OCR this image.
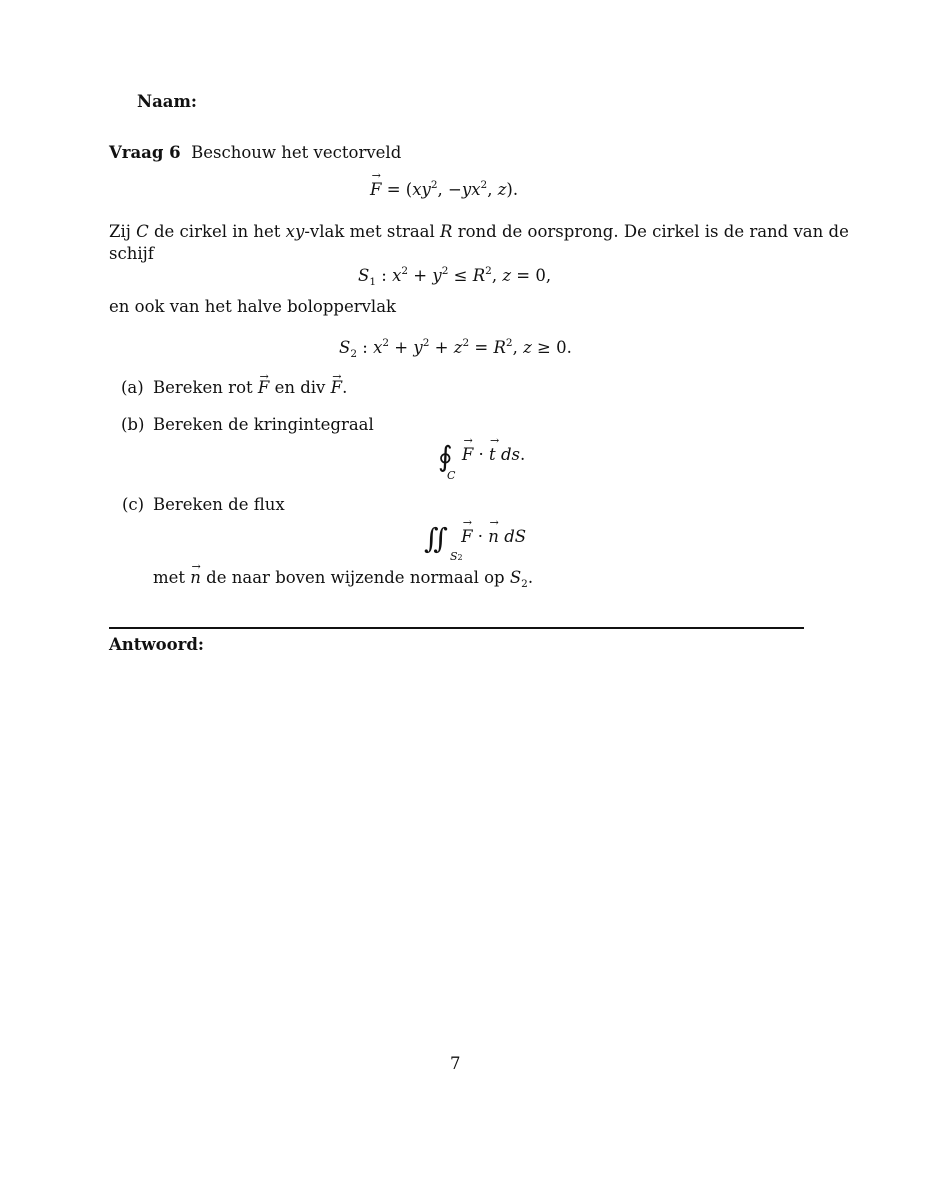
Naam:
Vraag 6 Beschouw het vectorveld
→ $F = (xy^2$, $-yx^2$, z).
Zij C de cirkel in het xy-vlak met straal R rond de oorsprong. De cirkel is de rand van de
schijf
$S_1$ : $x^2 + y^2 \le R^2$, z = 0,
en ook van het halve boloppervlak
$S_2$ : $x^2 + y^2 + z^2 = R^2$, z ≥ 0.
(a) Bereken rot → F en div → F.
(b) Bereken de kringintegraal
∮
C
→ F · → t ds.
(c) Bereken de flux
∬
S2
→ F · → n dS
met → n de naar boven wijzende normaal op $S_2$.
Antwoord:
7
